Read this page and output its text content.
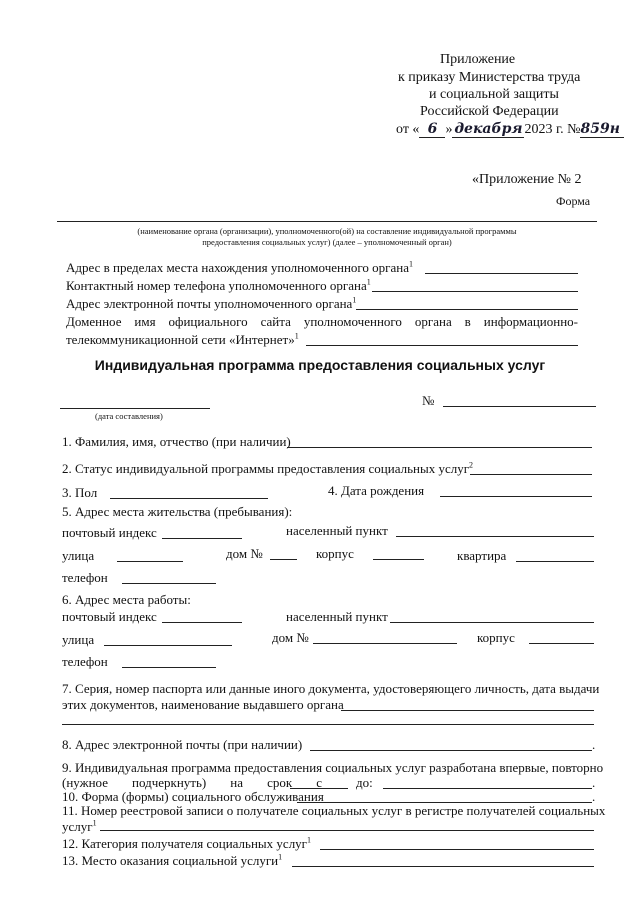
Приложение
к приказу Министерства труда
и социальной защиты
Российской Федерации
от « 6 » декабря 2023 г. №859н
«Приложение № 2
Форма
(наименование органа (организации), уполномоченного(ой) на составление индивидуальной программы
предоставления социальных услуг) (далее – уполномоченный орган)
Адрес в пределах места нахождения уполномоченного органа$^1$
Контактный номер телефона уполномоченного органа$^1$
Адрес электронной почты уполномоченного органа$^1$
Доменное имя официального сайта уполномоченного органа в информационно-
телекоммуникационной сети «Интернет»$^1$
Индивидуальная программа предоставления социальных услуг
(дата составления)
№
1. Фамилия, имя, отчество (при наличии)
2. Статус индивидуальной программы предоставления социальных услуг$^2$
3. Пол	4. Дата рождения
5. Адрес места жительства (пребывания):
почтовый индекс	населенный пункт
улица	дом №	корпус	квартира
телефон
6. Адрес места работы:
почтовый индекс	населенный пункт
улица	дом №	корпус
телефон
7. Серия, номер паспорта или данные иного документа, удостоверяющего личность, дата выдачи
этих документов, наименование выдавшего органа
8. Адрес электронной почты (при наличии)	.
9. Индивидуальная программа предоставления социальных услуг разработана впервые, повторно
(нужное подчеркнуть) на срок с	до:	.
10. Форма (формы) социального обслуживания	.
11. Номер реестровой записи о получателе социальных услуг в регистре получателей социальных
услуг$^1$
12. Категория получателя социальных услуг$^1$
13. Место оказания социальной услуги$^1$
